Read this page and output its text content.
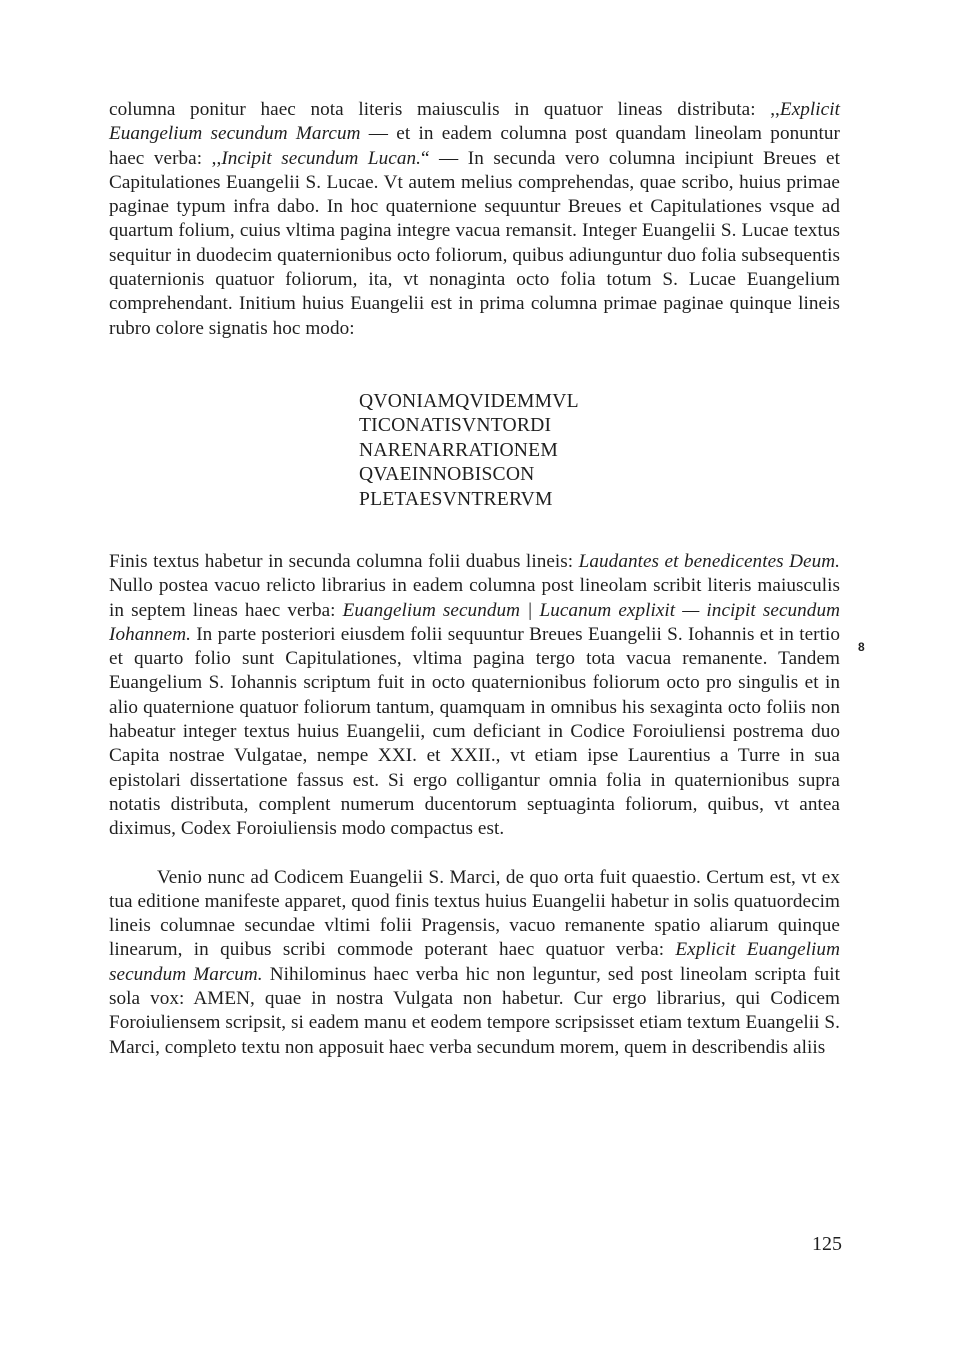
columna ponitur haec nota literis maiusculis in quatuor lineas distributa: ,,Explicit Euangelium secundum Marcum — et in eadem columna post quandam lineolam ponuntur haec verba: ,,Incipit secundum Lucan.“ — In secunda vero columna incipiunt Breues et Capitulationes Euangelii S. Lucae. Vt autem melius comprehendas, quae scribo, huius primae paginae typum infra dabo. In hoc quaternione sequuntur Breues et Capitulationes vsque ad quartum folium, cuius vltima pagina integre vacua remansit. Integer Euangelii S. Lucae textus sequitur in duodecim quaternionibus octo foliorum, quibus adiunguntur duo folia subsequentis quaternionis quatuor foliorum, ita, vt nonaginta octo folia totum S. Lucae Euangelium comprehendant. Initium huius Euangelii est in prima columna primae paginae quinque lineis rubro colore signatis hoc modo:

QVONIAMQVIDEMMVL
TICONATISVNTORDI
NARENARRATIONEM
QVAEINNOBISCON
PLETAESVNTRERVM

Finis textus habetur in secunda columna folii duabus lineis: Laudantes et benedicentes Deum. Nullo postea vacuo relicto librarius in eadem columna post lineolam scribit literis maiusculis in septem lineas haec verba: Euangelium secundum | Lucanum explixit — incipit secundum Iohannem. In parte posteriori eiusdem folii sequuntur Breues Euangelii S. Iohannis et in tertio et quarto folio sunt Capitulationes, vltima pagina tergo tota vacua remanente. Tandem Euangelium S. Iohannis scriptum fuit in octo quaternionibus foliorum octo pro singulis et in alio quaternione quatuor foliorum tantum, quamquam in omnibus his sexaginta octo foliis non habeatur integer textus huius Euangelii, cum deficiant in Codice Foroiuliensi postrema duo Capita nostrae Vulgatae, nempe XXI. et XXII., vt etiam ipse Laurentius a Turre in sua epistolari dissertatione fassus est. Si ergo colligantur omnia folia in quaternionibus supra notatis distributa, complent numerum ducentorum septuaginta foliorum, quibus, vt antea diximus, Codex Foroiuliensis modo compactus est.

Venio nunc ad Codicem Euangelii S. Marci, de quo orta fuit quaestio. Certum est, vt ex tua editione manifeste apparet, quod finis textus huius Euangelii habetur in solis quatuordecim lineis columnae secundae vltimi folii Pragensis, vacuo remanente spatio aliarum quinque linearum, in quibus scribi commode poterant haec quatuor verba: Explicit Euangelium secundum Marcum. Nihilominus haec verba hic non leguntur, sed post lineolam scripta fuit sola vox: AMEN, quae in nostra Vulgata non habetur. Cur ergo librarius, qui Codicem Foroiuliensem scripsit, si eadem manu et eodem tempore scripsisset etiam textum Euangelii S. Marci, completo textu non apposuit haec verba secundum morem, quem in describendis aliis

8
125
